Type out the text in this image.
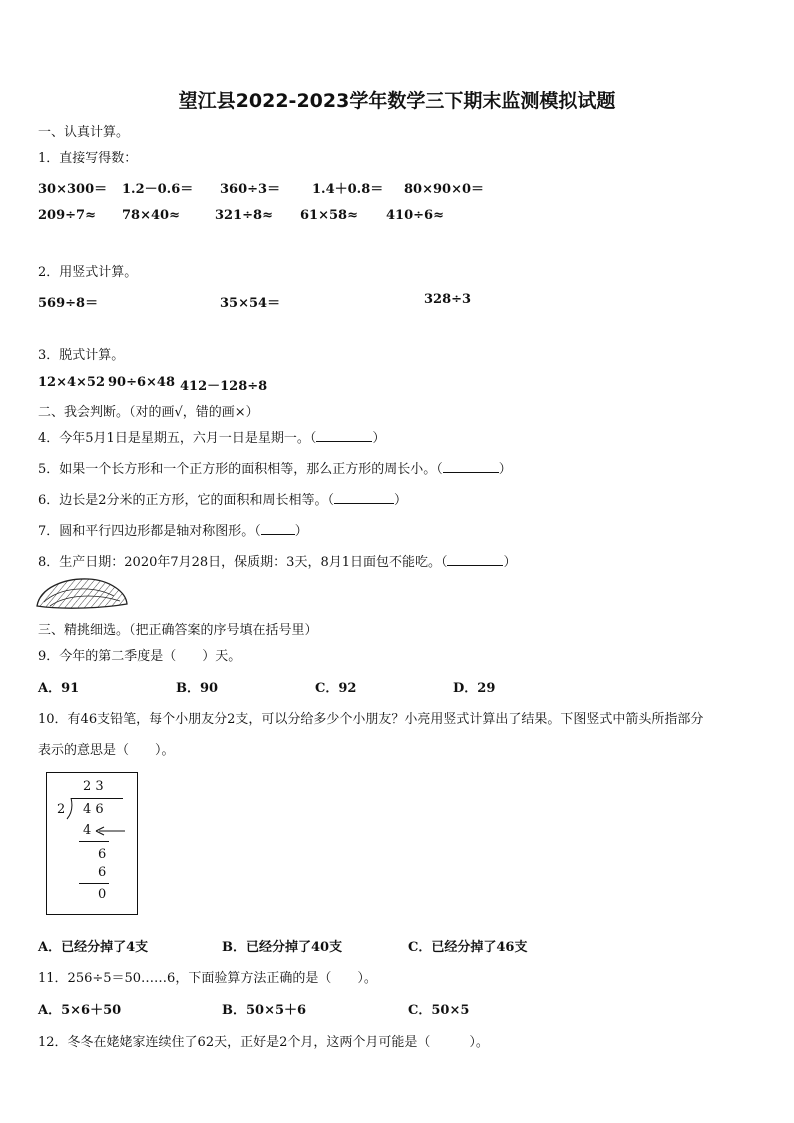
望江县2022-2023学年数学三下期末监测模拟试题
一、认真计算。
1．直接写得数：
30×300＝ 1.2－0.6＝ 360÷3＝ 1.4＋0.8＝ 80×90×0＝
209÷7≈ 78×40≈	321÷8≈ 61×58≈ 410÷6≈
2．用竖式计算。
569÷8＝	35×54＝	328÷3
3．脱式计算。
12×4×52 90÷6×48 412－128÷8
二、我会判断。（对的画√，错的画×）
4．今年5月1日是星期五，六月一日是星期一。（	）
5．如果一个长方形和一个正方形的面积相等，那么正方形的周长小。（	）
6．边长是2分米的正方形，它的面积和周长相等。（	）
7．圆和平行四边形都是轴对称图形。（	）
8．生产日期：2020年7月28日，保质期：3天，8月1日面包不能吃。（	）
三、精挑细选。（把正确答案的序号填在括号里）
9．今年的第二季度是（　　）天。
A．91	B．90	C．92	D．29
10．有46支铅笔，每个小朋友分2支，可以分给多少个小朋友？小亮用竖式计算出了结果。下图竖式中箭头所指部分
表示的意思是（　　）。
2 3
2 4 6
4
6
6
0
A．已经分掉了4支	B．已经分掉了40支	C．已经分掉了46支
11．256÷5＝50……6，下面验算方法正确的是（　　）。
A．5×6＋50	B．50×5＋6	C．50×5
12．冬冬在姥姥家连续住了62天，正好是2个月，这两个月可能是（　　　）。
